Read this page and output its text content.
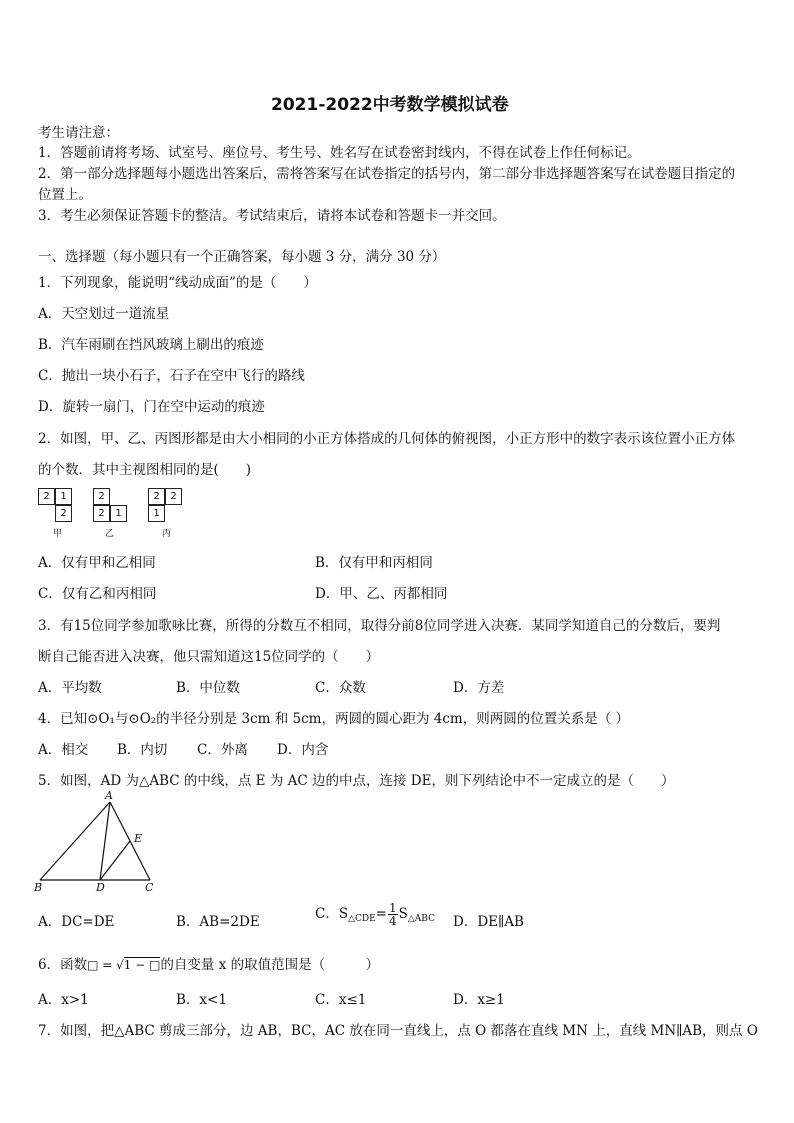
2021-2022中考数学模拟试卷
考生请注意：
1．答题前请将考场、试室号、座位号、考生号、姓名写在试卷密封线内，不得在试卷上作任何标记。
2．第一部分选择题每小题选出答案后，需将答案写在试卷指定的括号内，第二部分非选择题答案写在试卷题目指定的
位置上。
3．考生必须保证答题卡的整洁。考试结束后，请将本试卷和答题卡一并交回。
一、选择题（每小题只有一个正确答案，每小题 3 分，满分 30 分）
1．下列现象，能说明“线动成面”的是（　　）
A．天空划过一道流星
B．汽车雨刷在挡风玻璃上刷出的痕迹
C．抛出一块小石子，石子在空中飞行的路线
D．旋转一扇门，门在空中运动的痕迹
2．如图，甲、乙、丙图形都是由大小相同的小正方体搭成的几何体的俯视图，小正方形中的数字表示该位置小正方体
的个数．其中主视图相同的是(　　)
2	1
2
甲
2
2	1
乙
2	2
1
丙
A．仅有甲和乙相同	B．仅有甲和丙相同
C．仅有乙和丙相同	D．甲、乙、丙都相同
3．有15位同学参加歌咏比赛，所得的分数互不相同，取得分前8位同学进入决赛．某同学知道自己的分数后，要判
断自己能否进入决赛，他只需知道这15位同学的（　　）
A．平均数	B．中位数	C．众数	D．方差
4．已知⊙O₁与⊙O₂的半径分别是 3cm 和 5cm，两圆的圆心距为 4cm，则两圆的位置关系是（ ）
A．相交 B．内切 C．外离 D．内含
5．如图，AD 为△ABC 的中线，点 E 为 AC 边的中点，连接 DE，则下列结论中不一定成立的是（　　）
A
B	D	C
E
A．DC=DE	B．AB=2DE	C．$S_{\triangle CDE}= \frac{1}{4} S_{\triangle ABC}$ D．DE∥AB
6．函数□ = √1 − □的自变量 x 的取值范围是（　　　）
A．x>1	B．x<1	C．x≤1	D．x≥1
7．如图，把△ABC 剪成三部分，边 AB，BC，AC 放在同一直线上，点 O 都落在直线 MN 上，直线 MN∥AB，则点 O
